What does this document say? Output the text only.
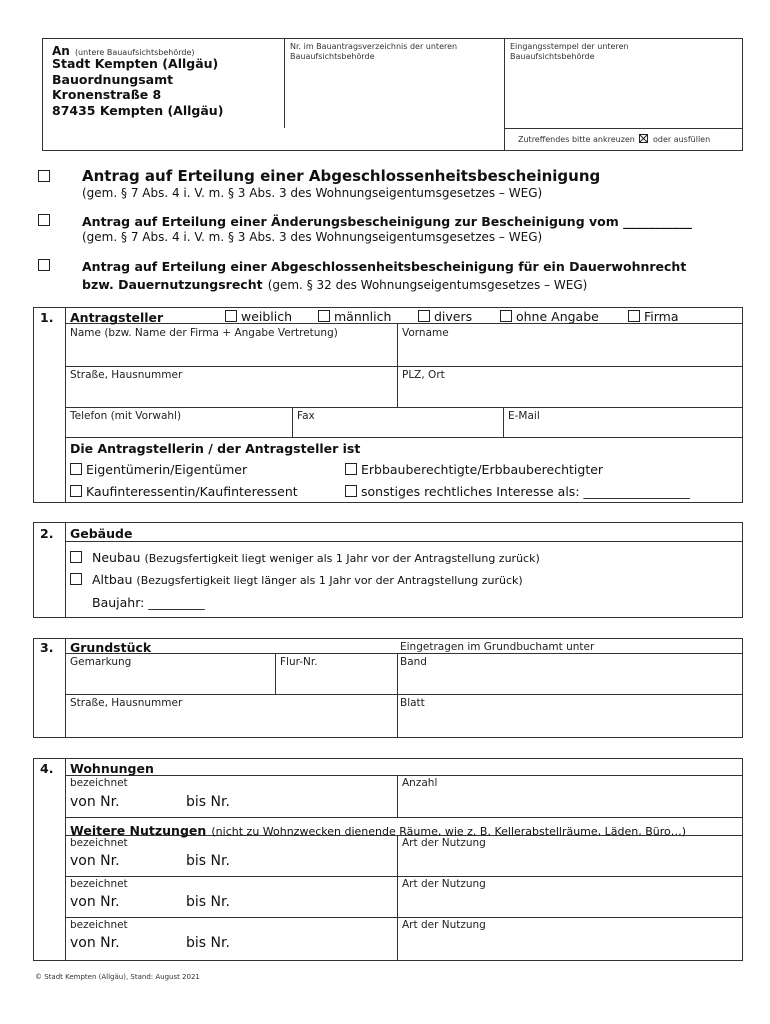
An (untere Bauaufsichtsbehörde)
Stadt Kempten (Allgäu)
Bauordnungsamt
Kronenstraße 8
87435 Kempten (Allgäu)
Nr. im Bauantragsverzeichnis der unteren Bauaufsichtsbehörde
Eingangsstempel der unteren Bauaufsichtsbehörde
Zutreffendes bitte ankreuzen oder ausfüllen
Antrag auf Erteilung einer Abgeschlossenheitsbescheinigung
(gem. § 7 Abs. 4 i. V. m. § 3 Abs. 3 des Wohnungseigentumsgesetzes – WEG)
Antrag auf Erteilung einer Änderungsbescheinigung zur Bescheinigung vom ___________
(gem. § 7 Abs. 4 i. V. m. § 3 Abs. 3 des Wohnungseigentumsgesetzes – WEG)
Antrag auf Erteilung einer Abgeschlossenheitsbescheinigung für ein Dauerwohnrecht
bzw. Dauernutzungsrecht (gem. § 32 des Wohnungseigentumsgesetzes – WEG)
1. Antragsteller	weiblich	männlich	divers	ohne Angabe	Firma
Name (bzw. Name der Firma + Angabe Vertretung)	Vorname
Straße, Hausnummer	PLZ, Ort
Telefon (mit Vorwahl)	Fax	E-Mail
Die Antragstellerin / der Antragsteller ist
Eigentümerin/Eigentümer	Erbbauberechtigte/Erbbauberechtigter
Kaufinteressentin/Kaufinteressent	sonstiges rechtliches Interesse als: _________________
2. Gebäude
Neubau (Bezugsfertigkeit liegt weniger als 1 Jahr vor der Antragstellung zurück)
Altbau (Bezugsfertigkeit liegt länger als 1 Jahr vor der Antragstellung zurück)
Baujahr: _________
3. Grundstück	Eingetragen im Grundbuchamt unter
Gemarkung	Flur-Nr.	Band
Straße, Hausnummer	Blatt
4. Wohnungen
bezeichnet
von Nr.	bis Nr.
Anzahl
Weitere Nutzungen (nicht zu Wohnzwecken dienende Räume, wie z. B. Kellerabstellräume, Läden, Büro…)
bezeichnet
von Nr.	bis Nr.
Art der Nutzung
bezeichnet
von Nr.	bis Nr.
Art der Nutzung
bezeichnet
von Nr.	bis Nr.
Art der Nutzung
© Stadt Kempten (Allgäu), Stand: August 2021
